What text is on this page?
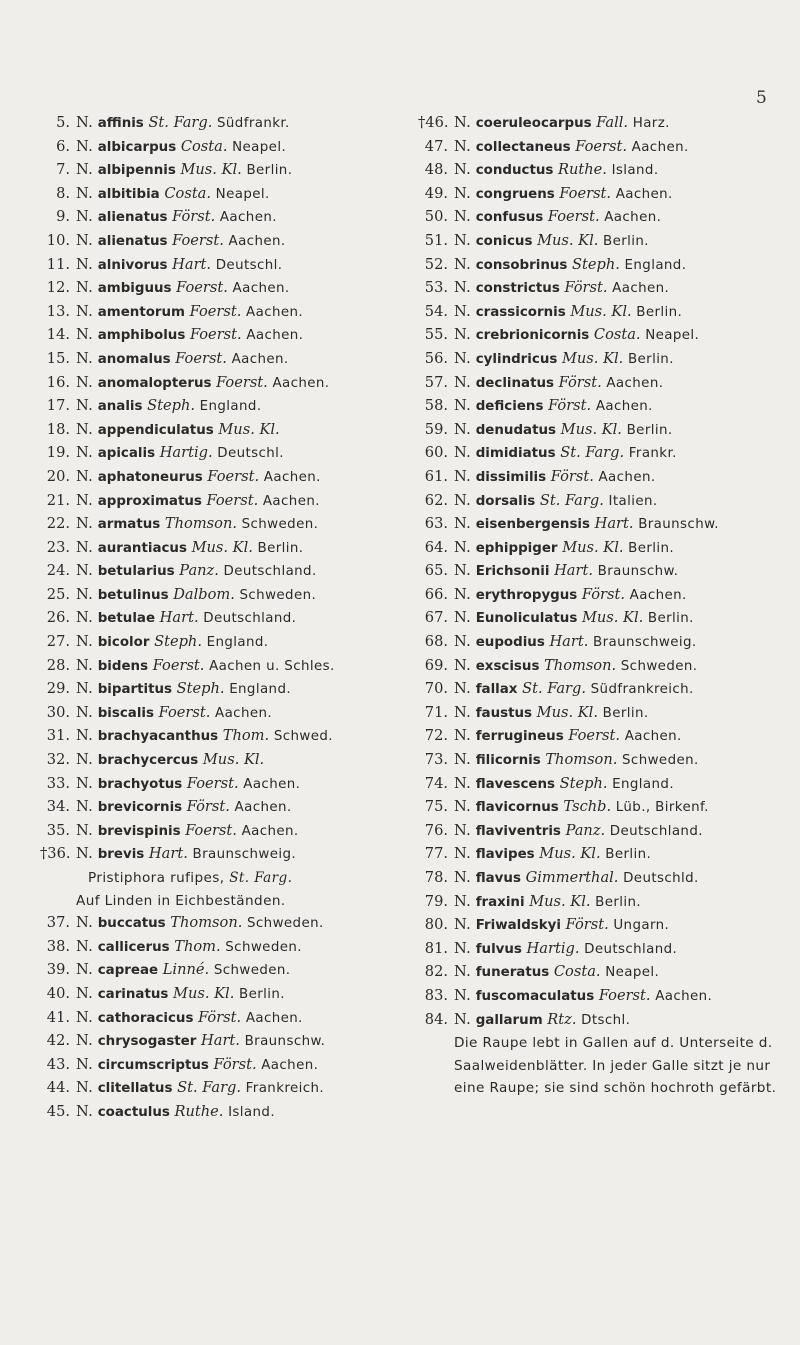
5
5. N. affinis St. Farg. Südfrankr.
6. N. albicarpus Costa. Neapel.
7. N. albipennis Mus. Kl. Berlin.
8. N. albitibia Costa. Neapel.
9. N. alienatus Först. Aachen.
10. N. alienatus Foerst. Aachen.
11. N. alnivorus Hart. Deutschl.
12. N. ambiguus Foerst. Aachen.
13. N. amentorum Foerst. Aachen.
14. N. amphibolus Foerst. Aachen.
15. N. anomalus Foerst. Aachen.
16. N. anomalopterus Foerst. Aachen.
17. N. analis Steph. England.
18. N. appendiculatus Mus. Kl.
19. N. apicalis Hartig. Deutschl.
20. N. aphatoneurus Foerst. Aachen.
21. N. approximatus Foerst. Aachen.
22. N. armatus Thomson. Schweden.
23. N. aurantiacus Mus. Kl. Berlin.
24. N. betularius Panz. Deutschland.
25. N. betulinus Dalbom. Schweden.
26. N. betulae Hart. Deutschland.
27. N. bicolor Steph. England.
28. N. bidens Foerst. Aachen u. Schles.
29. N. bipartitus Steph. England.
30. N. biscalis Foerst. Aachen.
31. N. brachyacanthus Thom. Schwed.
32. N. brachycercus Mus. Kl.
33. N. brachyotus Foerst. Aachen.
34. N. brevicornis Först. Aachen.
35. N. brevispinis Foerst. Aachen.
†36. N. brevis Hart. Braunschweig.
Pristiphora rufipes, St. Farg.
Auf Linden in Eichbeständen.
37. N. buccatus Thomson. Schweden.
38. N. callicerus Thom. Schweden.
39. N. capreae Linné. Schweden.
40. N. carinatus Mus. Kl. Berlin.
41. N. cathoracicus Först. Aachen.
42. N. chrysogaster Hart. Braunschw.
43. N. circumscriptus Först. Aachen.
44. N. clitellatus St. Farg. Frankreich.
45. N. coactulus Ruthe. Island.
†46. N. coeruleocarpus Fall. Harz.
47. N. collectaneus Foerst. Aachen.
48. N. conductus Ruthe. Island.
49. N. congruens Foerst. Aachen.
50. N. confusus Foerst. Aachen.
51. N. conicus Mus. Kl. Berlin.
52. N. consobrinus Steph. England.
53. N. constrictus Först. Aachen.
54. N. crassicornis Mus. Kl. Berlin.
55. N. crebrionicornis Costa. Neapel.
56. N. cylindricus Mus. Kl. Berlin.
57. N. declinatus Först. Aachen.
58. N. deficiens Först. Aachen.
59. N. denudatus Mus. Kl. Berlin.
60. N. dimidiatus St. Farg. Frankr.
61. N. dissimilis Först. Aachen.
62. N. dorsalis St. Farg. Italien.
63. N. eisenbergensis Hart. Braunschw.
64. N. ephippiger Mus. Kl. Berlin.
65. N. Erichsonii Hart. Braunschw.
66. N. erythropygus Först. Aachen.
67. N. Eunoliculatus Mus. Kl. Berlin.
68. N. eupodius Hart. Braunschweig.
69. N. exscisus Thomson. Schweden.
70. N. fallax St. Farg. Südfrankreich.
71. N. faustus Mus. Kl. Berlin.
72. N. ferrugineus Foerst. Aachen.
73. N. filicornis Thomson. Schweden.
74. N. flavescens Steph. England.
75. N. flavicornus Tschb. Lüb., Birkenf.
76. N. flaviventris Panz. Deutschland.
77. N. flavipes Mus. Kl. Berlin.
78. N. flavus Gimmerthal. Deutschld.
79. N. fraxini Mus. Kl. Berlin.
80. N. Friwaldskyi Först. Ungarn.
81. N. fulvus Hartig. Deutschland.
82. N. funeratus Costa. Neapel.
83. N. fuscomaculatus Foerst. Aachen.
84. N. gallarum Rtz. Dtschl.
Die Raupe lebt in Gallen auf d. Unterseite d. Saalweidenblätter. In jeder Galle sitzt je nur eine Raupe; sie sind schön hochroth gefärbt.
